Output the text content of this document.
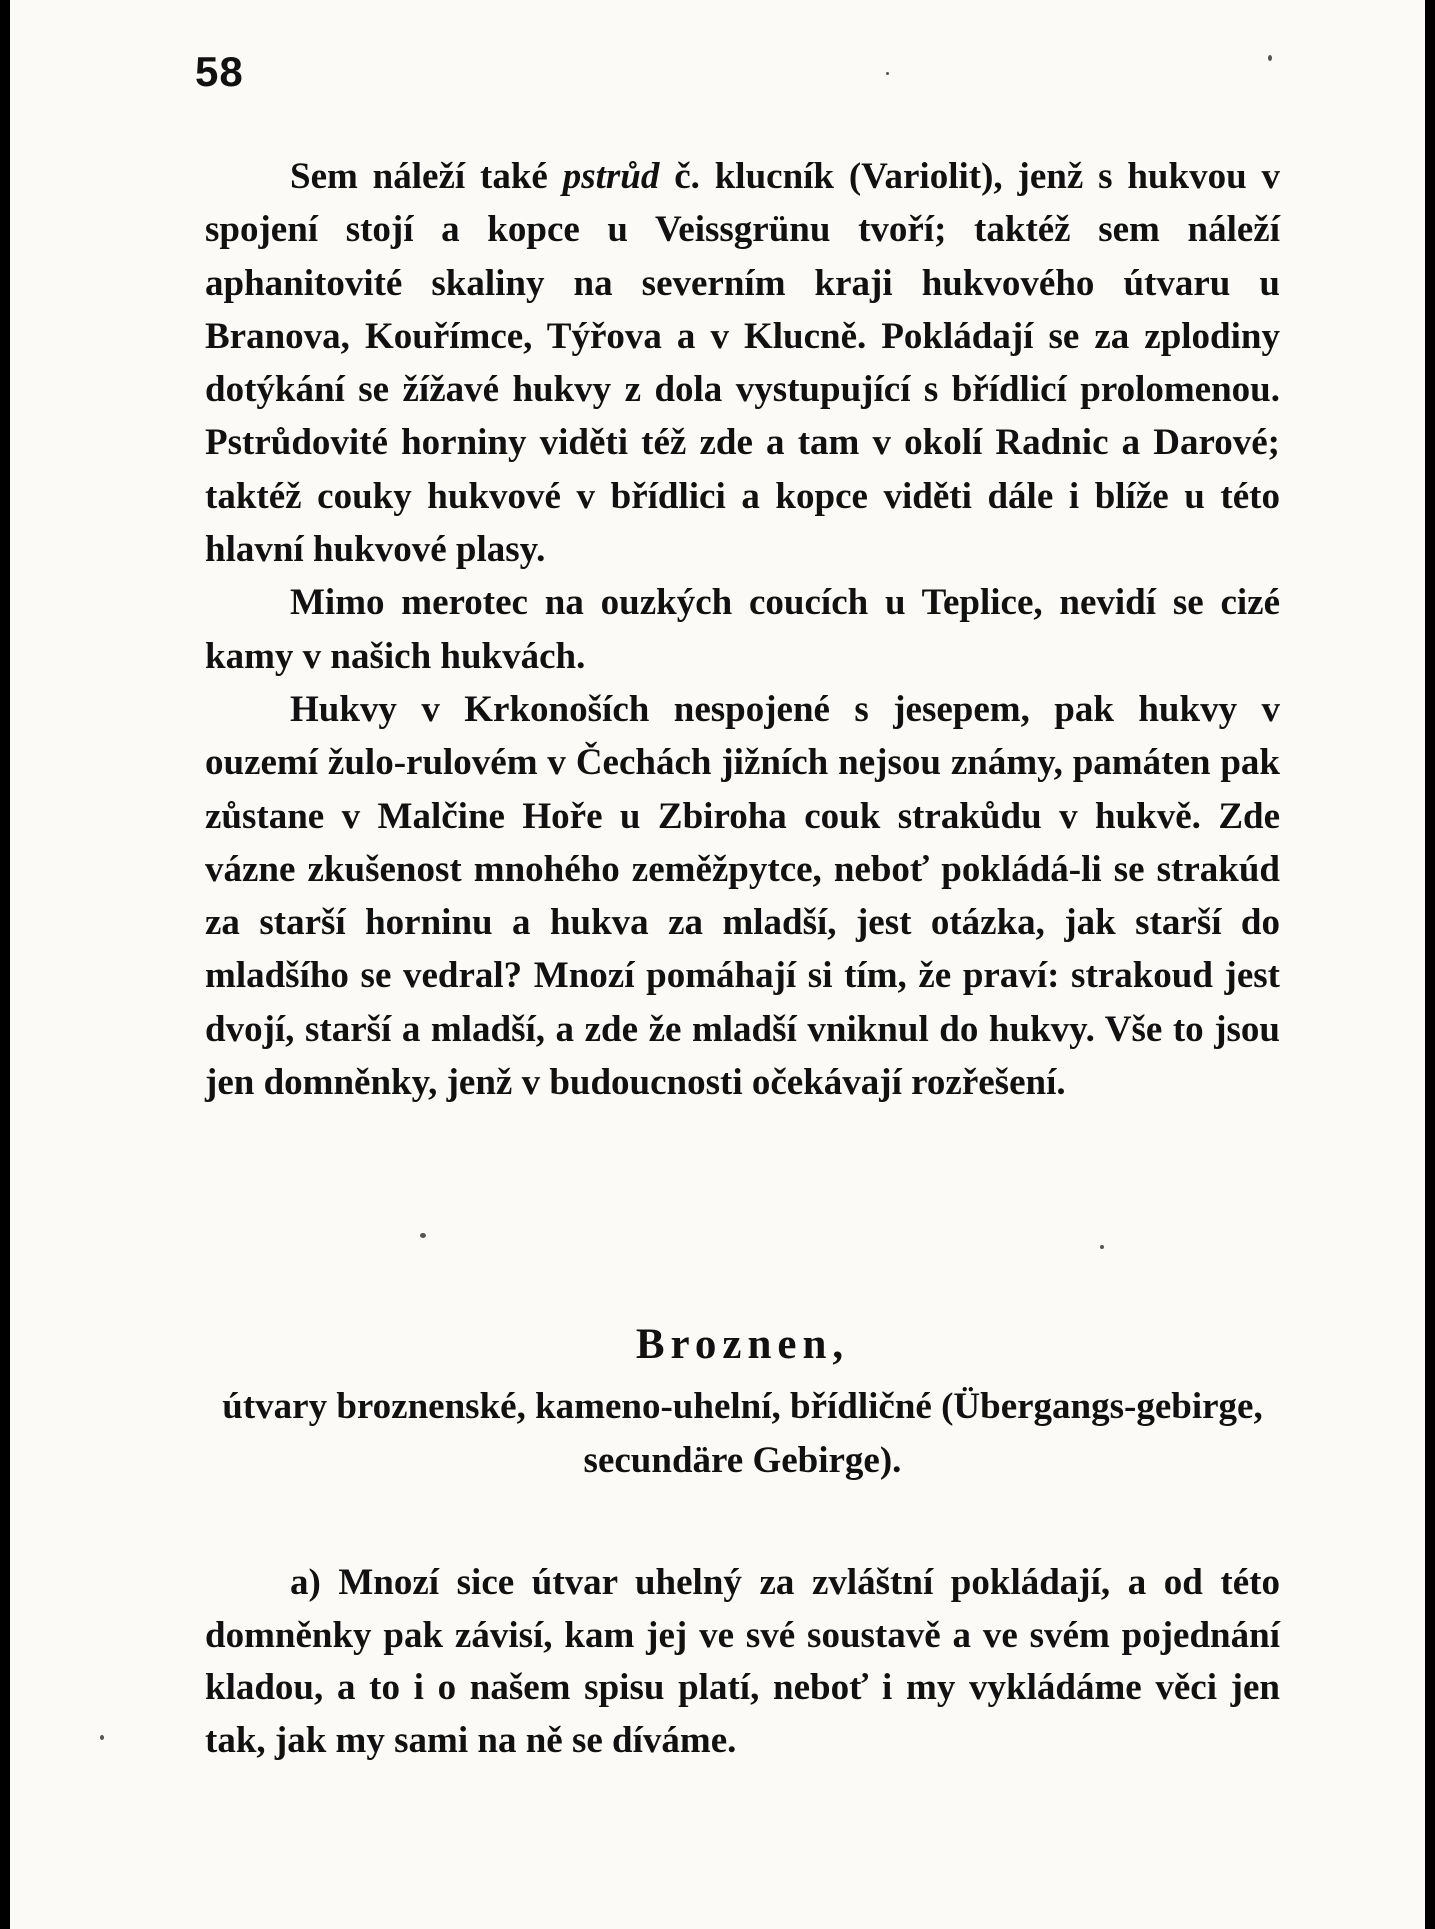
58

Sem náleží také pstrůd č. klucník (Variolit), jenž s hukvou v spojení stojí a kopce u Veissgrünu tvoří; taktéž sem náleží aphanitovité skaliny na severním kraji hukvového útvaru u Branova, Kouřímce, Týřova a v Klucně. Pokládají se za zplodiny dotýkání se žížavé hukvy z dola vystupující s břídlicí prolomenou. Pstrůdovité horniny viděti též zde a tam v okolí Radnic a Darové; taktéž couky hukvové v břídlici a kopce viděti dále i blíže u této hlavní hukvové plasy.

Mimo merotec na ouzkých coucích u Teplice, nevidí se cizé kamy v našich hukvách.

Hukvy v Krkonoších nespojené s jesepem, pak hukvy v ouzemí žulo-rulovém v Čechách jižních nejsou známy, památen pak zůstane v Malčine Hoře u Zbiroha couk strakůdu v hukvě. Zde vázne zkušenost mnohého zeměžpytce, neboť pokládá-li se strakúd za starší horninu a hukva za mladší, jest otázka, jak starší do mladšího se vedral? Mnozí pomáhají si tím, že praví: strakoud jest dvojí, starší a mladší, a zde že mladší vniknul do hukvy. Vše to jsou jen domněnky, jenž v budoucnosti očekávají rozřešení.

Broznen,
útvary broznenské, kameno-uhelní, břídličné (Übergangs-gebirge, secundäre Gebirge).

a) Mnozí sice útvar uhelný za zvláštní pokládají, a od této domněnky pak závisí, kam jej ve své soustavě a ve svém pojednání kladou, a to i o našem spisu platí, neboť i my vykládáme věci jen tak, jak my sami na ně se díváme.
